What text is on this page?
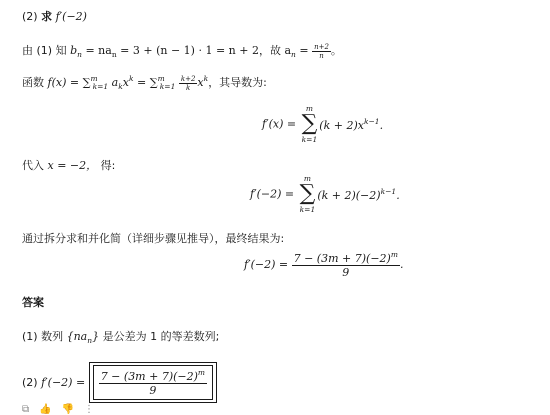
(2) 求 f′(−2)
由 (1) 知 $b_n = na_n = 3 + (n - 1) \cdot 1 = n + 2$，故 $a_n = \frac{n+2}{n}$ 。
函数 f(x) = ∑$^m_{k=1}$ $a_kx^k = \sum^m_{k=1} \frac{k+2}{k} x^k$，其导数为:
f′(x) =
m
∑
k=1
$(k + 2)x^{k-1}$.
代入 x = −2， 得:
f′(−2) =
m
∑
k=1
$(k + 2)(-2)^{k-1}$.
通过拆分求和并化简（详细步骤见推导），最终结果为:
$f'(-2) = \frac{7 - (3m + 7)(-2)^m}{9}$ .
答案
(1) 数列 $\{na_n\}$ 是公差为 1 的等差数列;
(2) $f'(-2) = \frac{7 - (3m + 7)(-2)^m}{9}$
⧉ 👍 👎 ⋮
